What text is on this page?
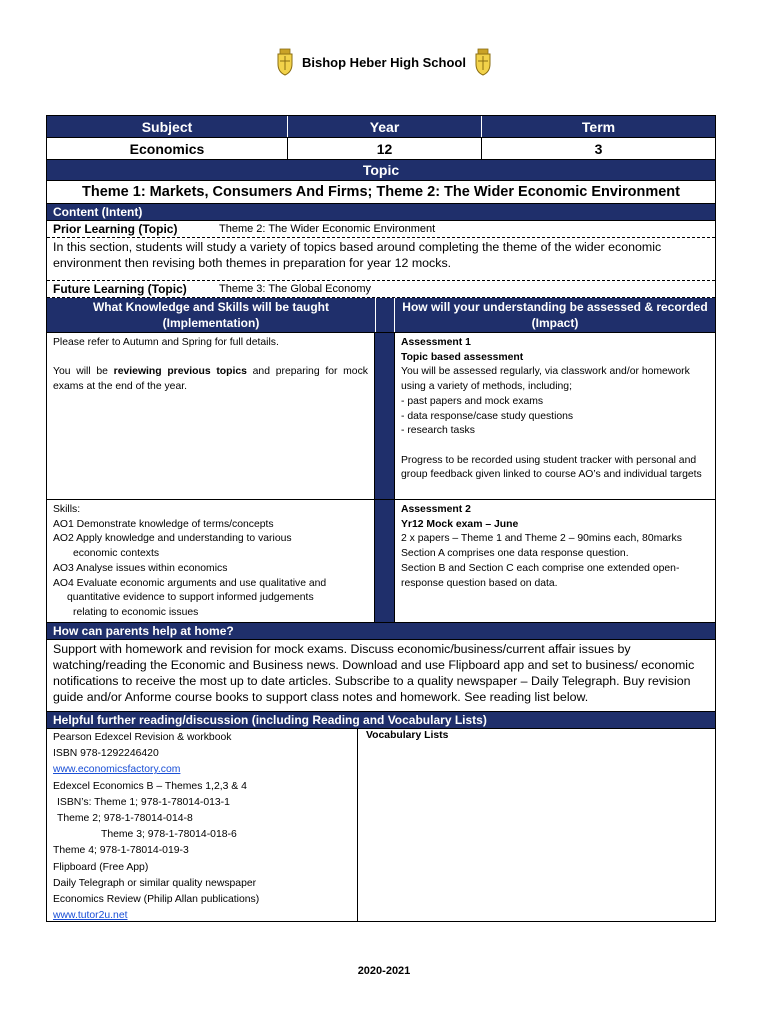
Bishop Heber High School
Subject	Year	Term
Economics	12	3
Topic
Theme 1: Markets, Consumers And Firms; Theme 2: The Wider Economic Environment
Content (Intent)
Prior Learning (Topic)	Theme 2: The Wider Economic Environment
In this section, students will study a variety of topics based around completing the theme of the wider economic environment then revising both themes in preparation for year 12 mocks.
Future Learning (Topic)	Theme 3: The Global Economy
What Knowledge and Skills will be taught (Implementation)
How will your understanding be assessed & recorded (Impact)
Please refer to Autumn and Spring for full details.
You will be reviewing previous topics and preparing for mock exams at the end of the year.
Assessment 1
Topic based assessment
You will be assessed regularly, via classwork and/or homework using a variety of methods, including;
- past papers and mock exams
- data response/case study questions
- research tasks
Progress to be recorded using student tracker with personal and group feedback given linked to course AO’s and individual targets
Skills:
AO1 Demonstrate knowledge of terms/concepts
AO2 Apply knowledge and understanding to various
economic contexts
AO3 Analyse issues within economics
AO4 Evaluate economic arguments and use qualitative and
quantitative evidence to support informed judgements
relating to economic issues
Assessment 2
Yr12 Mock exam – June
2 x papers – Theme 1 and Theme 2 – 90mins each, 80marks
Section A comprises one data response question.
Section B and Section C each comprise one extended open-response question based on data.
How can parents help at home?
Support with homework and revision for mock exams. Discuss economic/business/current affair issues by watching/reading the Economic and Business news. Download and use Flipboard app and set to business/ economic notifications to receive the most up to date articles. Subscribe to a quality newspaper – Daily Telegraph. Buy revision guide and/or Anforme course books to support class notes and homework. See reading list below.
Helpful further reading/discussion (including Reading and Vocabulary Lists)
Pearson Edexcel Revision & workbook
ISBN 978-1292246420
www.economicsfactory.com
Edexcel Economics B – Themes 1,2,3 & 4
ISBN’s: Theme 1; 978-1-78014-013-1
Theme 2; 978-1-78014-014-8
Theme 3; 978-1-78014-018-6
Theme 4; 978-1-78014-019-3
Flipboard (Free App)
Daily Telegraph or similar quality newspaper
Economics Review (Philip Allan publications)
www.tutor2u.net
Vocabulary Lists
2020-2021
